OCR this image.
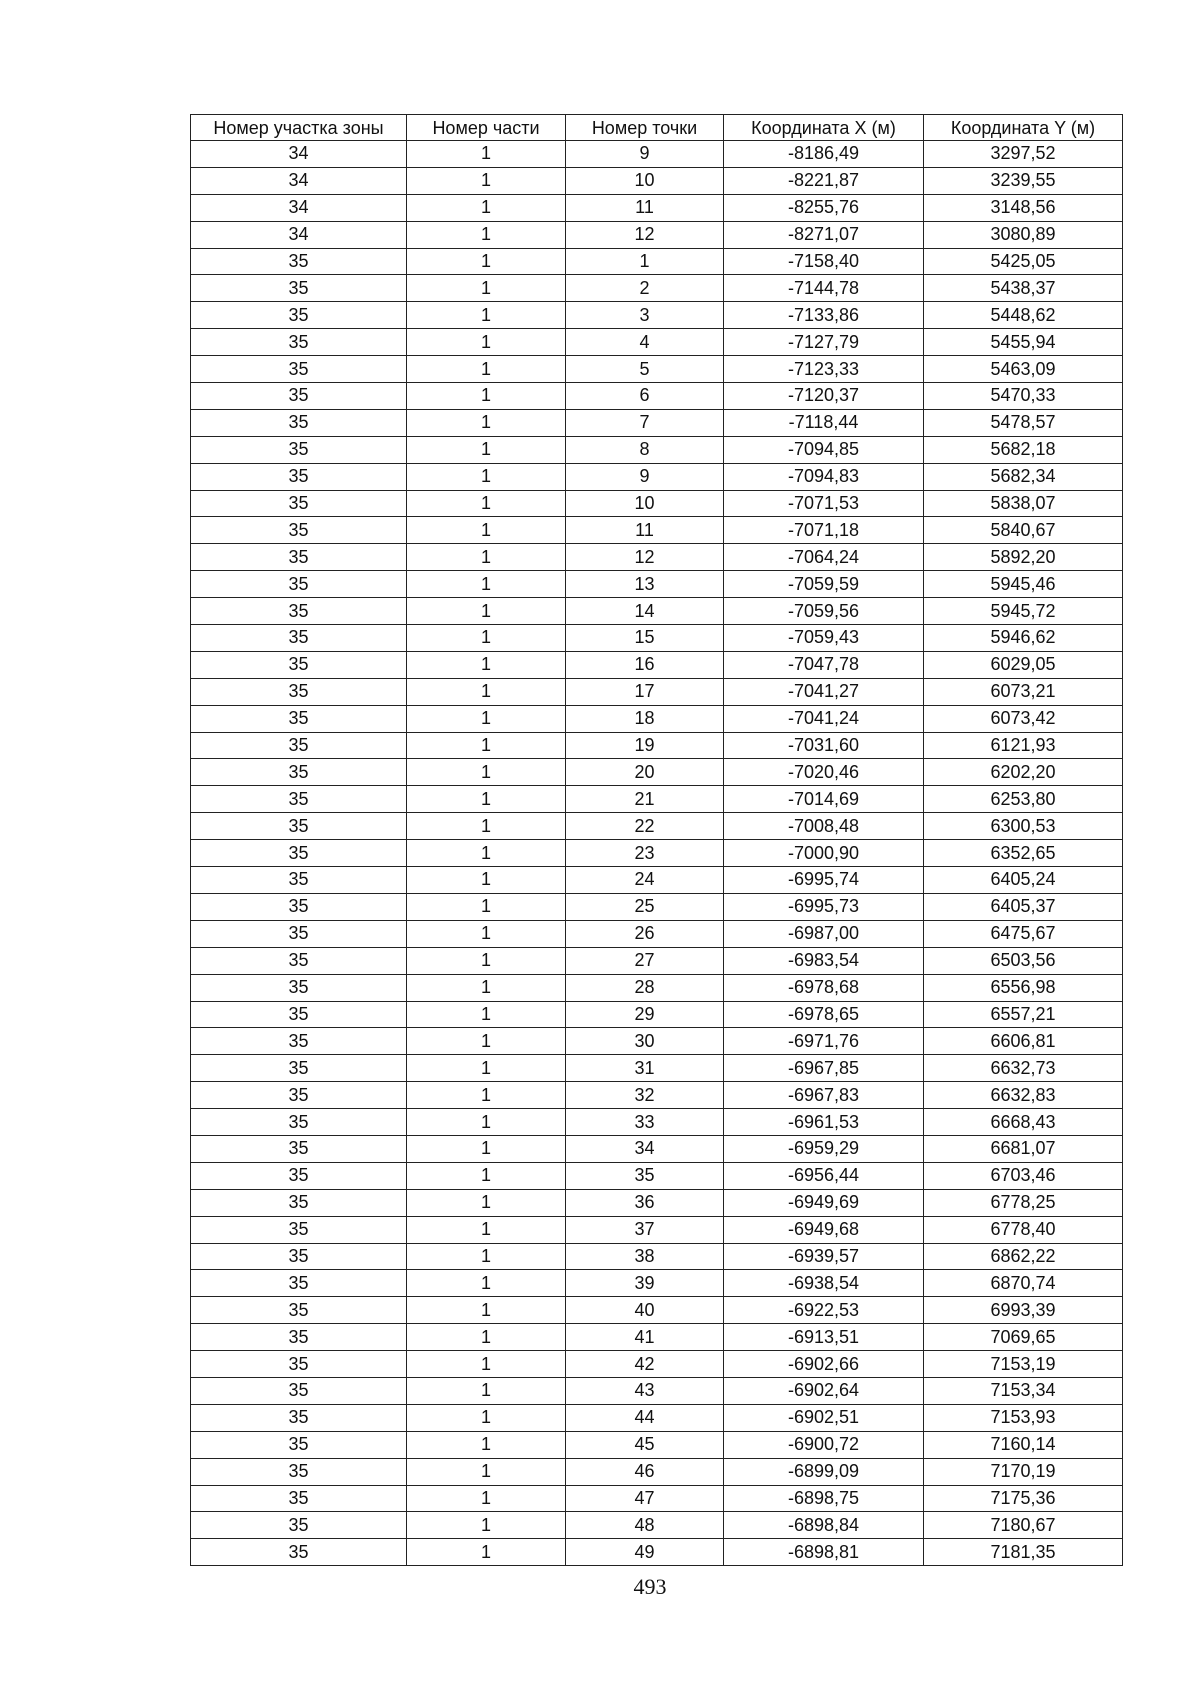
Номер участка зоны	Номер части	Номер точки	Координата X (м)	Координата Y (м)
34	1	9	-8186,49	3297,52
34	1	10	-8221,87	3239,55
34	1	11	-8255,76	3148,56
34	1	12	-8271,07	3080,89
35	1	1	-7158,40	5425,05
35	1	2	-7144,78	5438,37
35	1	3	-7133,86	5448,62
35	1	4	-7127,79	5455,94
35	1	5	-7123,33	5463,09
35	1	6	-7120,37	5470,33
35	1	7	-7118,44	5478,57
35	1	8	-7094,85	5682,18
35	1	9	-7094,83	5682,34
35	1	10	-7071,53	5838,07
35	1	11	-7071,18	5840,67
35	1	12	-7064,24	5892,20
35	1	13	-7059,59	5945,46
35	1	14	-7059,56	5945,72
35	1	15	-7059,43	5946,62
35	1	16	-7047,78	6029,05
35	1	17	-7041,27	6073,21
35	1	18	-7041,24	6073,42
35	1	19	-7031,60	6121,93
35	1	20	-7020,46	6202,20
35	1	21	-7014,69	6253,80
35	1	22	-7008,48	6300,53
35	1	23	-7000,90	6352,65
35	1	24	-6995,74	6405,24
35	1	25	-6995,73	6405,37
35	1	26	-6987,00	6475,67
35	1	27	-6983,54	6503,56
35	1	28	-6978,68	6556,98
35	1	29	-6978,65	6557,21
35	1	30	-6971,76	6606,81
35	1	31	-6967,85	6632,73
35	1	32	-6967,83	6632,83
35	1	33	-6961,53	6668,43
35	1	34	-6959,29	6681,07
35	1	35	-6956,44	6703,46
35	1	36	-6949,69	6778,25
35	1	37	-6949,68	6778,40
35	1	38	-6939,57	6862,22
35	1	39	-6938,54	6870,74
35	1	40	-6922,53	6993,39
35	1	41	-6913,51	7069,65
35	1	42	-6902,66	7153,19
35	1	43	-6902,64	7153,34
35	1	44	-6902,51	7153,93
35	1	45	-6900,72	7160,14
35	1	46	-6899,09	7170,19
35	1	47	-6898,75	7175,36
35	1	48	-6898,84	7180,67
35	1	49	-6898,81	7181,35
493
